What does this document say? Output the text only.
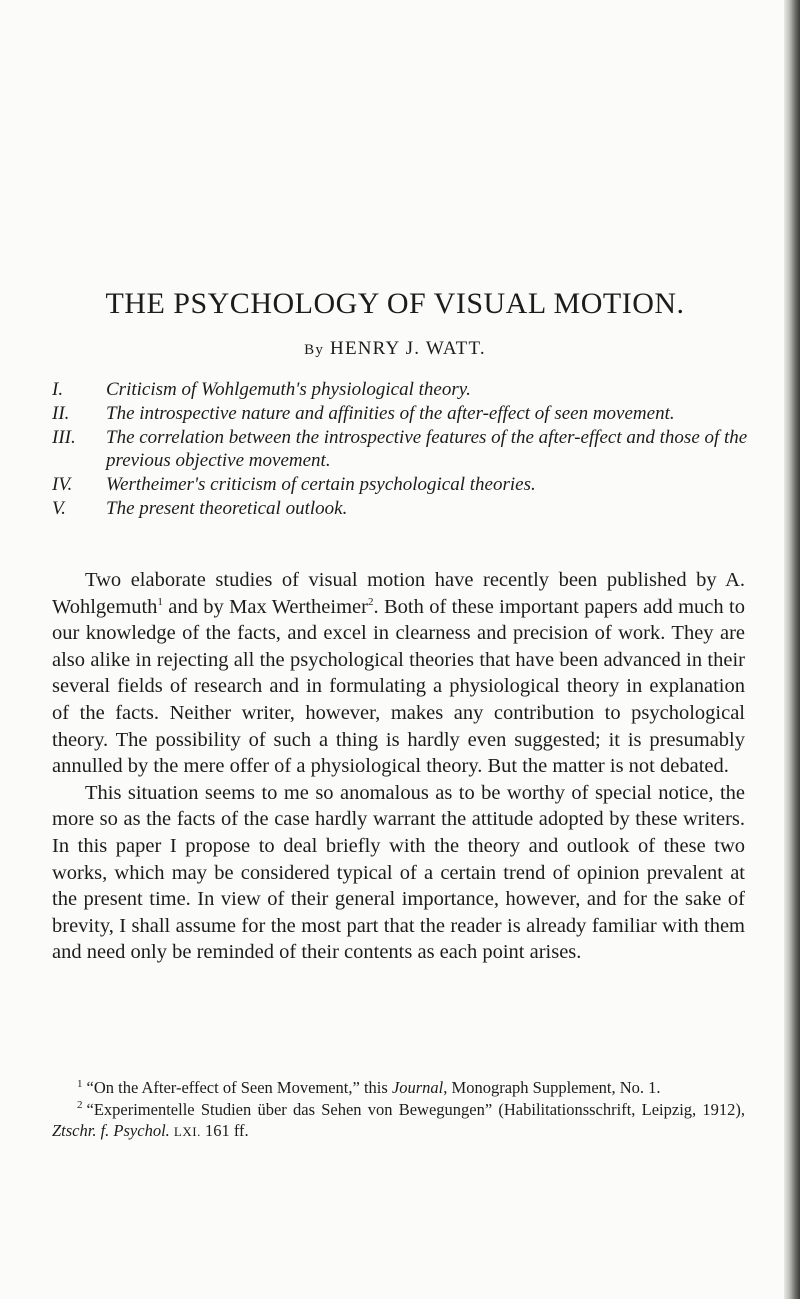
THE PSYCHOLOGY OF VISUAL MOTION.

By HENRY J. WATT.

I. Criticism of Wohlgemuth's physiological theory.
II. The introspective nature and affinities of the after-effect of seen movement.
III. The correlation between the introspective features of the after-effect and those of the previous objective movement.
IV. Wertheimer's criticism of certain psychological theories.
V. The present theoretical outlook.

Two elaborate studies of visual motion have recently been published by A. Wohlgemuth$^1$ and by Max Wertheimer$^2$. Both of these important papers add much to our knowledge of the facts, and excel in clearness and precision of work. They are also alike in rejecting all the psychological theories that have been advanced in their several fields of research and in formulating a physiological theory in explanation of the facts. Neither writer, however, makes any contribution to psychological theory. The possibility of such a thing is hardly even suggested; it is presumably annulled by the mere offer of a physiological theory. But the matter is not debated.

This situation seems to me so anomalous as to be worthy of special notice, the more so as the facts of the case hardly warrant the attitude adopted by these writers. In this paper I propose to deal briefly with the theory and outlook of these two works, which may be considered typical of a certain trend of opinion prevalent at the present time. In view of their general importance, however, and for the sake of brevity, I shall assume for the most part that the reader is already familiar with them and need only be reminded of their contents as each point arises.

$^1$ “On the After-effect of Seen Movement,” this Journal, Monograph Supplement, No. 1.

$^2$ “Experimentelle Studien über das Sehen von Bewegungen” (Habilitationsschrift, Leipzig, 1912), Ztschr. f. Psychol. LXI. 161 ff.
